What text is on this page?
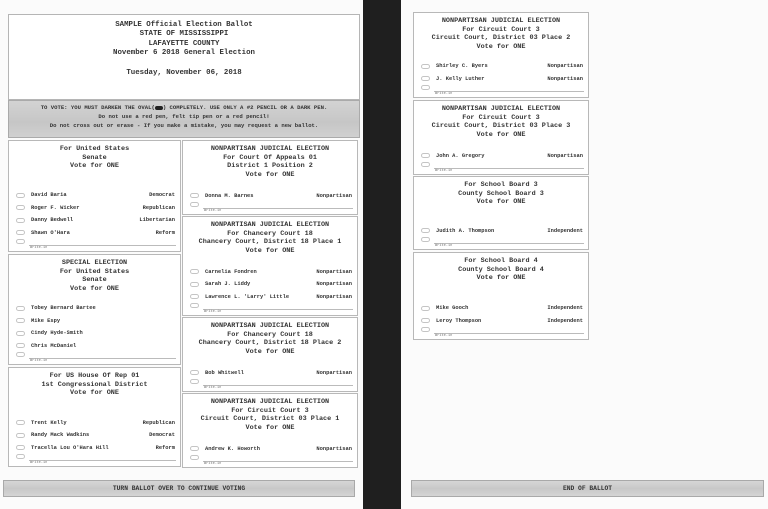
SAMPLE Official Election Ballot
STATE OF MISSISSIPPI
LAFAYETTE COUNTY
November 6 2018 General Election
Tuesday, November 06, 2018
TO VOTE: YOU MUST DARKEN THE OVAL( ) COMPLETELY. USE ONLY A #2 PENCIL OR A DARK PEN.
Do not use a red pen, felt tip pen or a red pencil!
Do not cross out or erase - If you make a mistake, you may request a new ballot.
For United States
Senate
Vote for ONE
David Baria	Democrat
Roger F. Wicker	Republican
Danny Bedwell	Libertarian
Shawn O'Hara	Reform
Write-in
SPECIAL ELECTION
For United States
Senate
Vote for ONE
Tobey Bernard Bartee
Mike Espy
Cindy Hyde-Smith
Chris McDaniel
Write-in
For US House Of Rep 01
1st Congressional District
Vote for ONE
Trent Kelly	Republican
Randy Mack Wadkins	Democrat
Tracella Lou O'Hara Hill	Reform
Write-in
NONPARTISAN JUDICIAL ELECTION
For Court Of Appeals 01
District 1 Position 2
Vote for ONE
Donna M. Barnes	Nonpartisan
Write-in
NONPARTISAN JUDICIAL ELECTION
For Chancery Court 18
Chancery Court, District 18 Place 1
Vote for ONE
Carnelia Fondren	Nonpartisan
Sarah J. Liddy	Nonpartisan
Lawrence L. 'Larry' Little	Nonpartisan
Write-in
NONPARTISAN JUDICIAL ELECTION
For Chancery Court 18
Chancery Court, District 18 Place 2
Vote for ONE
Bob Whitwell	Nonpartisan
Write-in
NONPARTISAN JUDICIAL ELECTION
For Circuit Court 3
Circuit Court, District 03 Place 1
Vote for ONE
Andrew K. Howorth	Nonpartisan
Write-in
TURN BALLOT OVER TO CONTINUE VOTING
NONPARTISAN JUDICIAL ELECTION
For Circuit Court 3
Circuit Court, District 03 Place 2
Vote for ONE
Shirley C. Byers	Nonpartisan
J. Kelly Luther	Nonpartisan
Write-in
NONPARTISAN JUDICIAL ELECTION
For Circuit Court 3
Circuit Court, District 03 Place 3
Vote for ONE
John A. Gregory	Nonpartisan
Write-in
For School Board 3
County School Board 3
Vote for ONE
Judith A. Thompson	Independent
Write-in
For School Board 4
County School Board 4
Vote for ONE
Mike Gooch	Independent
Leroy Thompson	Independent
Write-in
END OF BALLOT
